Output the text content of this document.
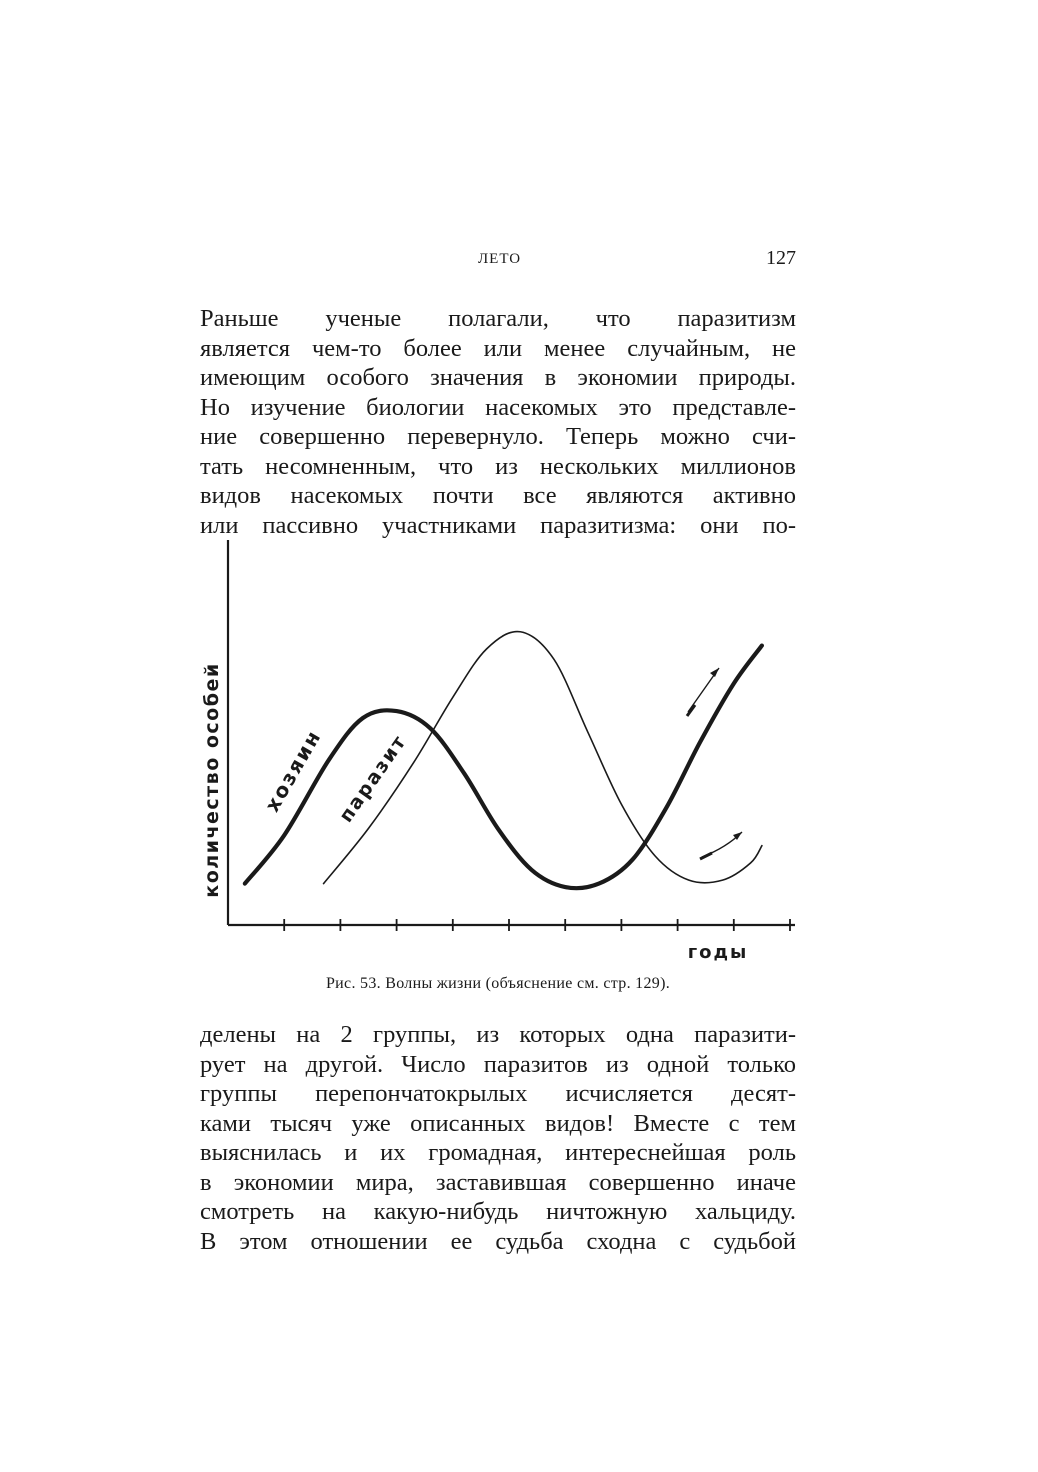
ЛЕТО	127

Раньше ученые полагали, что паразитизм
является чем-то более или менее случайным, не
имеющим особого значения в экономии природы.
Но изучение биологии насекомых это представле-
ние совершенно перевернуло. Теперь можно счи-
тать несомненным, что из нескольких миллионов
видов насекомых почти все являются активно
или пассивно участниками паразитизма: они по-

количество особей
годы
хозяин паразит
Рис. 53. Волны жизни (объяснение см. стр. 129).

делены на 2 группы, из которых одна паразити-
рует на другой. Число паразитов из одной только
группы перепончатокрылых исчисляется десят-
ками тысяч уже описанных видов! Вместе с тем
выяснилась и их громадная, интереснейшая роль
в экономии мира, заставившая совершенно иначе
смотреть на какую-нибудь ничтожную хальциду.
В этом отношении ее судьба сходна с судьбой
